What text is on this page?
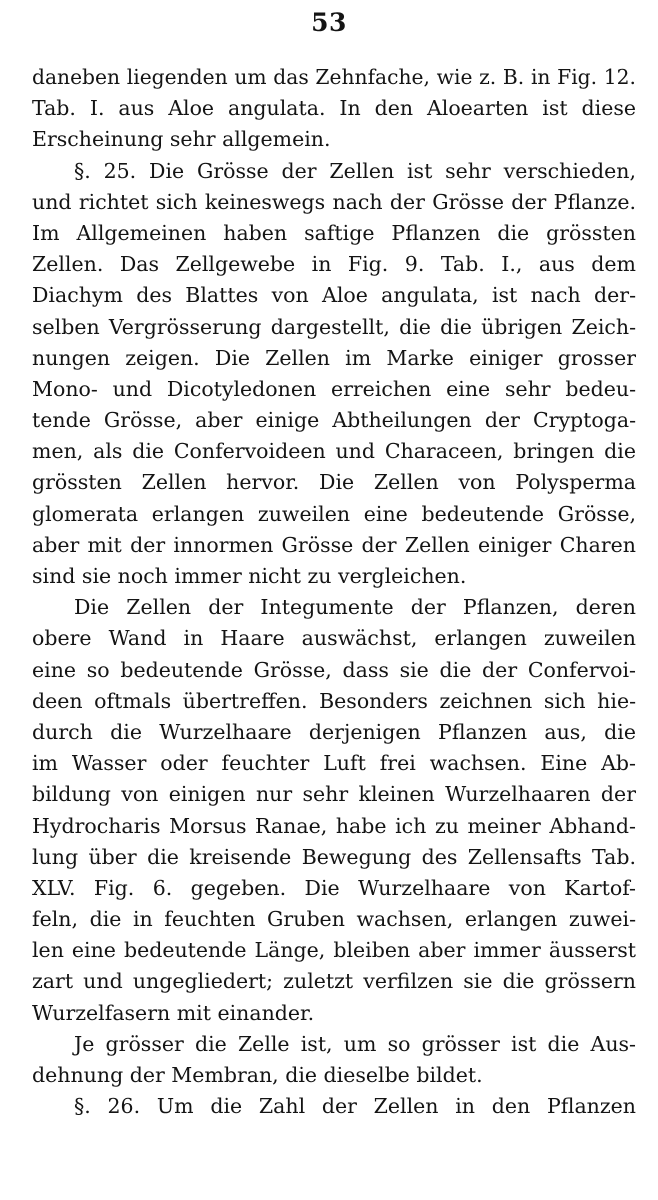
53
daneben liegenden um das Zehnfache, wie z. B. in Fig. 12.
Tab. I. aus Aloe angulata. In den Aloearten ist diese
Erscheinung sehr allgemein.
§. 25. Die Grösse der Zellen ist sehr verschieden,
und richtet sich keineswegs nach der Grösse der Pflanze.
Im Allgemeinen haben saftige Pflanzen die grössten
Zellen. Das Zellgewebe in Fig. 9. Tab. I., aus dem
Diachym des Blattes von Aloe angulata, ist nach der-
selben Vergrösserung dargestellt, die die übrigen Zeich-
nungen zeigen. Die Zellen im Marke einiger grosser
Mono- und Dicotyledonen erreichen eine sehr bedeu-
tende Grösse, aber einige Abtheilungen der Cryptoga-
men, als die Confervoideen und Characeen, bringen die
grössten Zellen hervor. Die Zellen von Polysperma
glomerata erlangen zuweilen eine bedeutende Grösse,
aber mit der innormen Grösse der Zellen einiger Charen
sind sie noch immer nicht zu vergleichen.
Die Zellen der Integumente der Pflanzen, deren
obere Wand in Haare auswächst, erlangen zuweilen
eine so bedeutende Grösse, dass sie die der Confervoi-
deen oftmals übertreffen. Besonders zeichnen sich hie-
durch die Wurzelhaare derjenigen Pflanzen aus, die
im Wasser oder feuchter Luft frei wachsen. Eine Ab-
bildung von einigen nur sehr kleinen Wurzelhaaren der
Hydrocharis Morsus Ranae, habe ich zu meiner Abhand-
lung über die kreisende Bewegung des Zellensafts Tab.
XLV. Fig. 6. gegeben. Die Wurzelhaare von Kartof-
feln, die in feuchten Gruben wachsen, erlangen zuwei-
len eine bedeutende Länge, bleiben aber immer äusserst
zart und ungegliedert; zuletzt verfilzen sie die grössern
Wurzelfasern mit einander.
Je grösser die Zelle ist, um so grösser ist die Aus-
dehnung der Membran, die dieselbe bildet.
§. 26. Um die Zahl der Zellen in den Pflanzen
